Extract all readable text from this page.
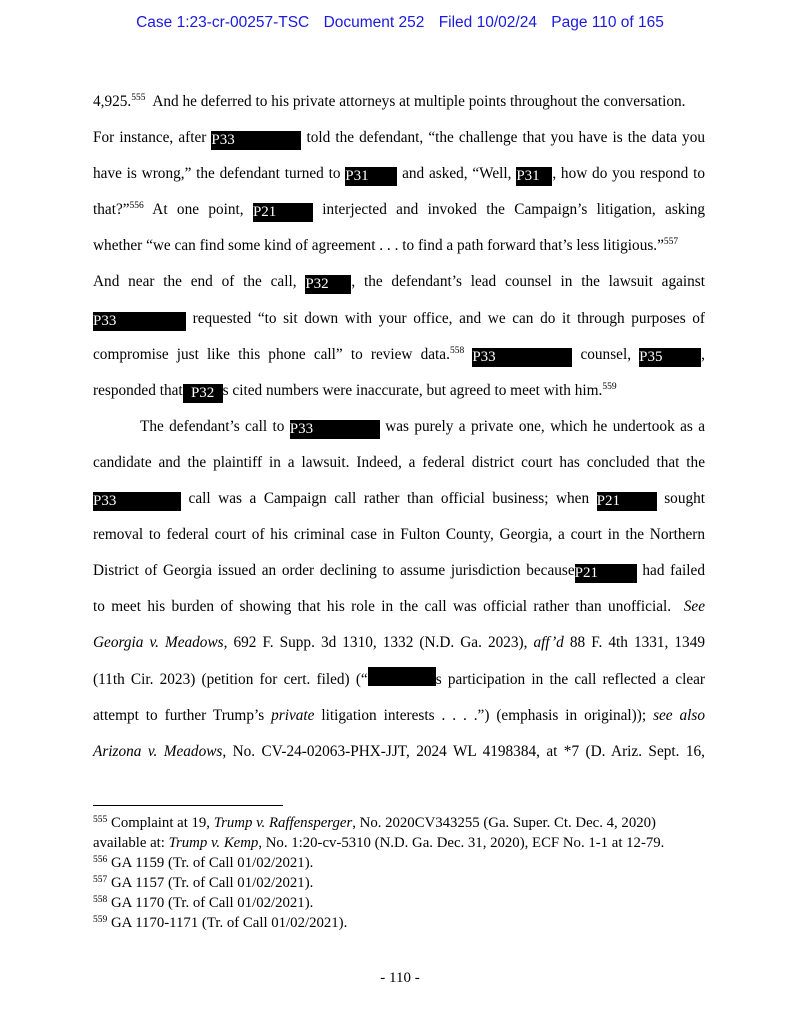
Case 1:23-cr-00257-TSC Document 252 Filed 10/02/24 Page 110 of 165
4,925.$^{555}$ And he deferred to his private attorneys at multiple points throughout the conversation.
For instance, after P33	told the defendant, “the challenge that you have is the data you
have is wrong,” the defendant turned to P31 and asked, “Well, P31 , how do you respond to
that?”$^{556}$ At one point, P21	interjected and invoked the Campaign’s litigation, asking
whether “we can find some kind of agreement . . . to find a path forward that’s less litigious.”$^{557}$
And near the end of the call, P32 , the defendant’s lead counsel in the lawsuit against
P33	requested “to sit down with your office, and we can do it through purposes of
compromise just like this phone call” to review data.$^{558}$ P33	counsel, P35	,
responded that P32 s cited numbers were inaccurate, but agreed to meet with him.$^{559}$
The defendant’s call to P33	was purely a private one, which he undertook as a
candidate and the plaintiff in a lawsuit. Indeed, a federal district court has concluded that the
P33	call was a Campaign call rather than official business; when P21	sought
removal to federal court of his criminal case in Fulton County, Georgia, a court in the Northern
District of Georgia issued an order declining to assume jurisdiction becauseP21	had failed
to meet his burden of showing that his role in the call was official rather than unofficial. See
Georgia v. Meadows, 692 F. Supp. 3d 1310, 1332 (N.D. Ga. 2023), aff’d 88 F. 4th 1331, 1349
(11th Cir. 2023) (petition for cert. filed) (“	s participation in the call reflected a clear
attempt to further Trump’s private litigation interests . . . .”) (emphasis in original)); see also
Arizona v. Meadows, No. CV-24-02063-PHX-JJT, 2024 WL 4198384, at *7 (D. Ariz. Sept. 16,
$^{555}$ Complaint at 19, Trump v. Raffensperger, No. 2020CV343255 (Ga. Super. Ct. Dec. 4, 2020)
available at: Trump v. Kemp, No. 1:20-cv-5310 (N.D. Ga. Dec. 31, 2020), ECF No. 1-1 at 12-79.
$^{556}$ GA 1159 (Tr. of Call 01/02/2021).
$^{557}$ GA 1157 (Tr. of Call 01/02/2021).
$^{558}$ GA 1170 (Tr. of Call 01/02/2021).
$^{559}$ GA 1170-1171 (Tr. of Call 01/02/2021).
- 110 -
